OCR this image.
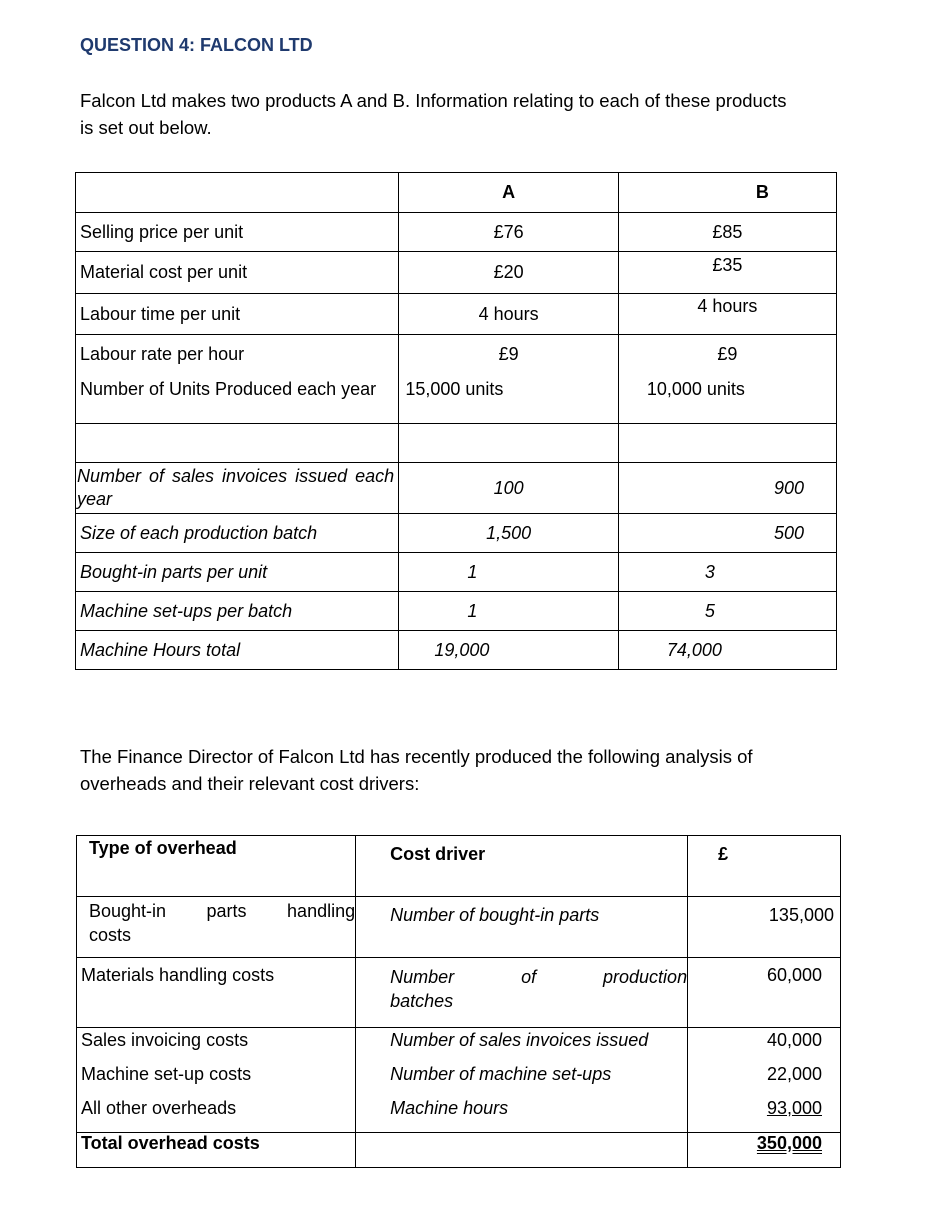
QUESTION 4: FALCON LTD
Falcon Ltd makes two products A and B. Information relating to each of these products is set out below.
	A	B
Selling price per unit	£76	£85
Material cost per unit	£20	£35
Labour time per unit	4 hours	4 hours
Labour rate per hour	£9	£9
Number of Units Produced each year	15,000 units	10,000 units

Number of sales invoices issued each year	100	900
Size of each production batch	1,500	500
Bought-in parts per unit	1	3
Machine set-ups per batch	1	5
Machine Hours total	19,000	74,000
The Finance Director of Falcon Ltd has recently produced the following analysis of overheads and their relevant cost drivers:
Type of overhead	Cost driver	£
Bought-in parts handling costs	Number of bought-in parts	135,000
Materials handling costs	Number of production batches	60,000
Sales invoicing costs	Number of sales invoices issued	40,000
Machine set-up costs	Number of machine set-ups	22,000
All other overheads	Machine hours	93,000
Total overhead costs		350,000
